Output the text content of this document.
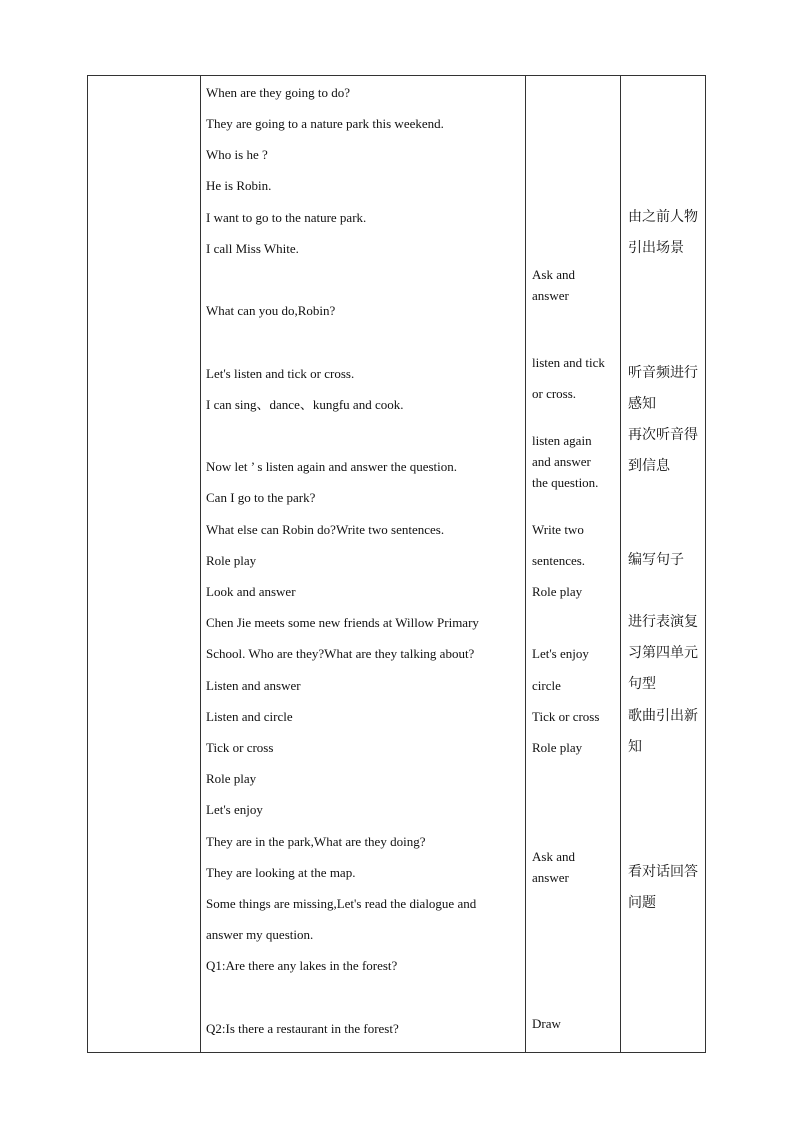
When are they going to do?
They are going to a nature park this weekend.
Who is he ?
He is Robin.
I want to go to the nature park.
I call Miss White.
What can you do,Robin?
Let's listen and tick or cross.
I can sing、dance、kungfu and cook.
Now let ’ s listen again and answer the question.
Can I go to the park?
What else can Robin do?Write two sentences.
Role play
Look and answer
Chen Jie meets some new friends at Willow Primary
School. Who are they?What are they talking about?
Listen and answer
Listen and circle
Tick or cross
Role play
Let's enjoy
They are in the park,What are they doing?
They are looking at the map.
Some things are missing,Let's read the dialogue and
answer my question.
Q1:Are there any lakes in the forest?
Q2:Is there a restaurant in the forest?
Ask and
answer
listen and tick
or cross.
listen again
and answer
the question.
Write two
sentences.
Role play
Let's enjoy
circle
Tick or cross
Role play
Ask and
answer
Draw
由之前人物
引出场景
听音频进行
感知
再次听音得
到信息
编写句子
进行表演复
习第四单元
句型
歌曲引出新
知
看对话回答
问题
